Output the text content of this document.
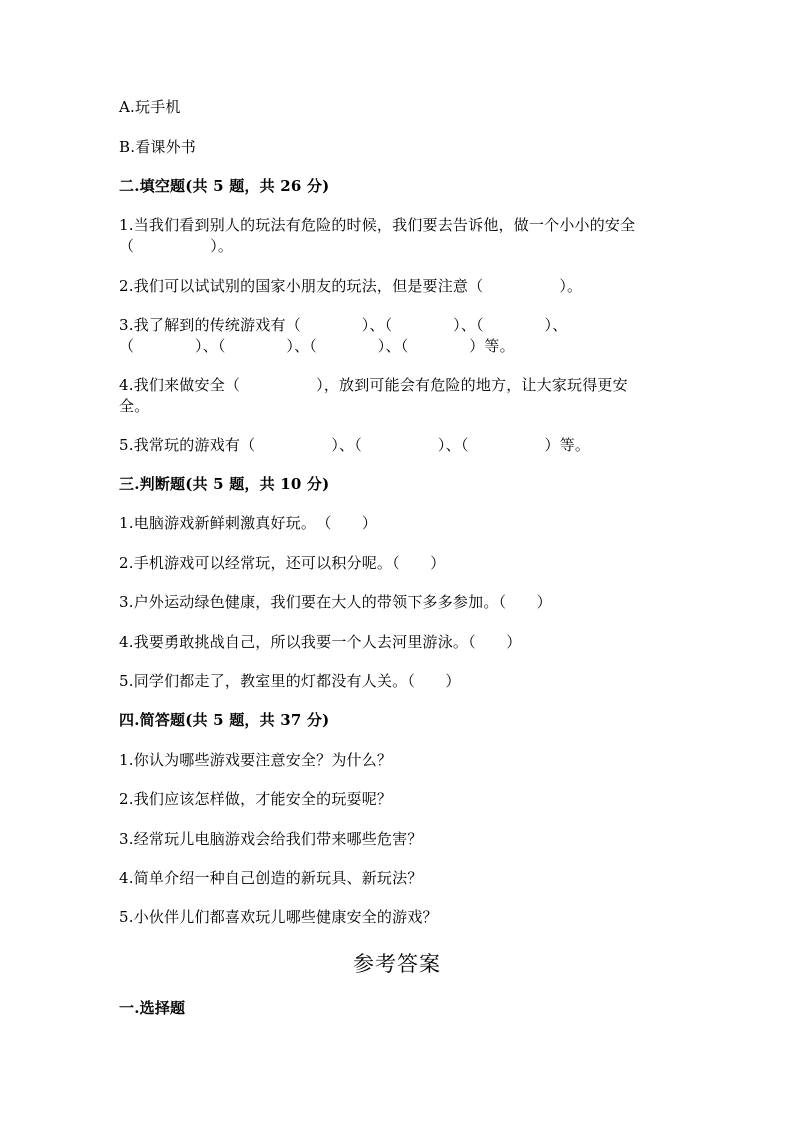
A.玩手机
B.看课外书
二.填空题(共 5 题，共 26 分)
1.当我们看到别人的玩法有危险的时候，我们要去告诉他，做一个小小的安全
（　　　　　）。
2.我们可以试试别的国家小朋友的玩法，但是要注意（　　　　　）。
3.我了解到的传统游戏有（　　　　）、（　　　　）、（　　　　）、
（　　　　）、（　　　　）、（　　　　）、（　　　　）等。
4.我们来做安全（　　　　　），放到可能会有危险的地方，让大家玩得更安
全。
5.我常玩的游戏有（　　　　　）、（　　　　　）、（　　　　　）等。
三.判断题(共 5 题，共 10 分)
1.电脑游戏新鲜刺激真好玩。　（　　）
2.手机游戏可以经常玩，还可以积分呢。（　　）
3.户外运动绿色健康，我们要在大人的带领下多多参加。（　　）
4.我要勇敢挑战自己，所以我要一个人去河里游泳。（　　）
5.同学们都走了，教室里的灯都没有人关。（　　）
四.简答题(共 5 题，共 37 分)
1.你认为哪些游戏要注意安全？为什么？
2.我们应该怎样做，才能安全的玩耍呢？
3.经常玩儿电脑游戏会给我们带来哪些危害？
4.简单介绍一种自己创造的新玩具、新玩法？
5.小伙伴儿们都喜欢玩儿哪些健康安全的游戏？
参考答案
一.选择题
